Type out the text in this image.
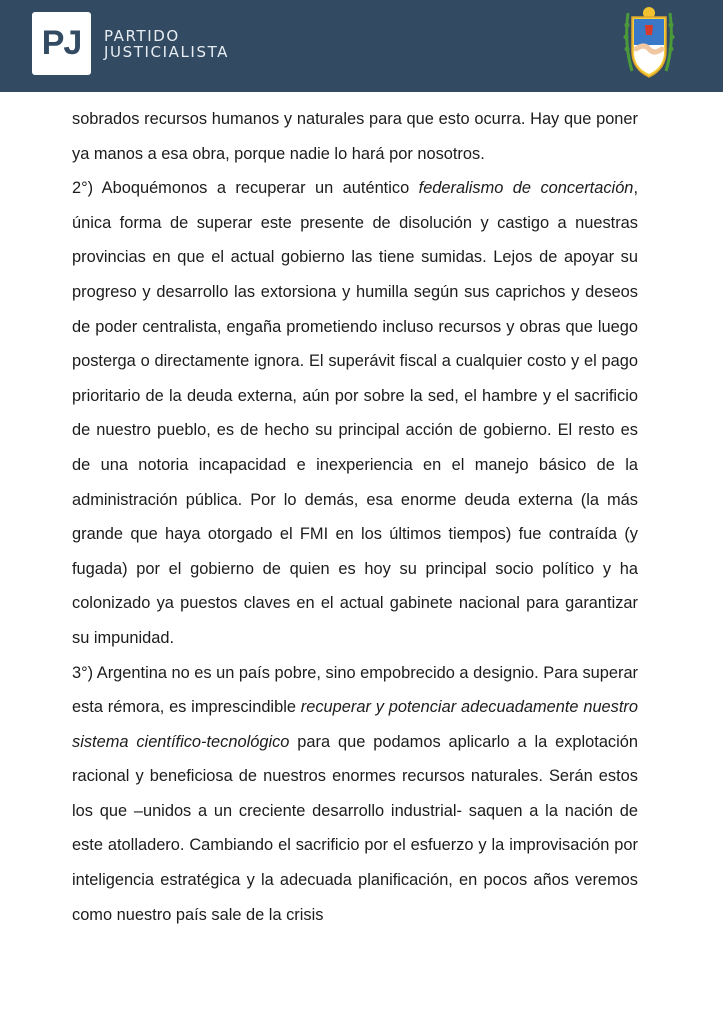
PJ PARTIDO
JUSTICIALISTA

sobrados recursos humanos y naturales para que esto ocurra. Hay que poner ya manos a esa obra, porque nadie lo hará por nosotros.

2°) Aboquémonos a recuperar un auténtico federalismo de concertación, única forma de superar este presente de disolución y castigo a nuestras provincias en que el actual gobierno las tiene sumidas. Lejos de apoyar su progreso y desarrollo las extorsiona y humilla según sus caprichos y deseos de poder centralista, engaña prometiendo incluso recursos y obras que luego posterga o directamente ignora. El superávit fiscal a cualquier costo y el pago prioritario de la deuda externa, aún por sobre la sed, el hambre y el sacrificio de nuestro pueblo, es de hecho su principal acción de gobierno. El resto es de una notoria incapacidad e inexperiencia en el manejo básico de la administración pública. Por lo demás, esa enorme deuda externa (la más grande que haya otorgado el FMI en los últimos tiempos) fue contraída (y fugada) por el gobierno de quien es hoy su principal socio político y ha colonizado ya puestos claves en el actual gabinete nacional para garantizar su impunidad.

3°) Argentina no es un país pobre, sino empobrecido a designio. Para superar esta rémora, es imprescindible recuperar y potenciar adecuadamente nuestro sistema científico-tecnológico para que podamos aplicarlo a la explotación racional y beneficiosa de nuestros enormes recursos naturales. Serán estos los que –unidos a un creciente desarrollo industrial- saquen a la nación de este atolladero. Cambiando el sacrificio por el esfuerzo y la improvisación por inteligencia estratégica y la adecuada planificación, en pocos años veremos como nuestro país sale de la crisis
